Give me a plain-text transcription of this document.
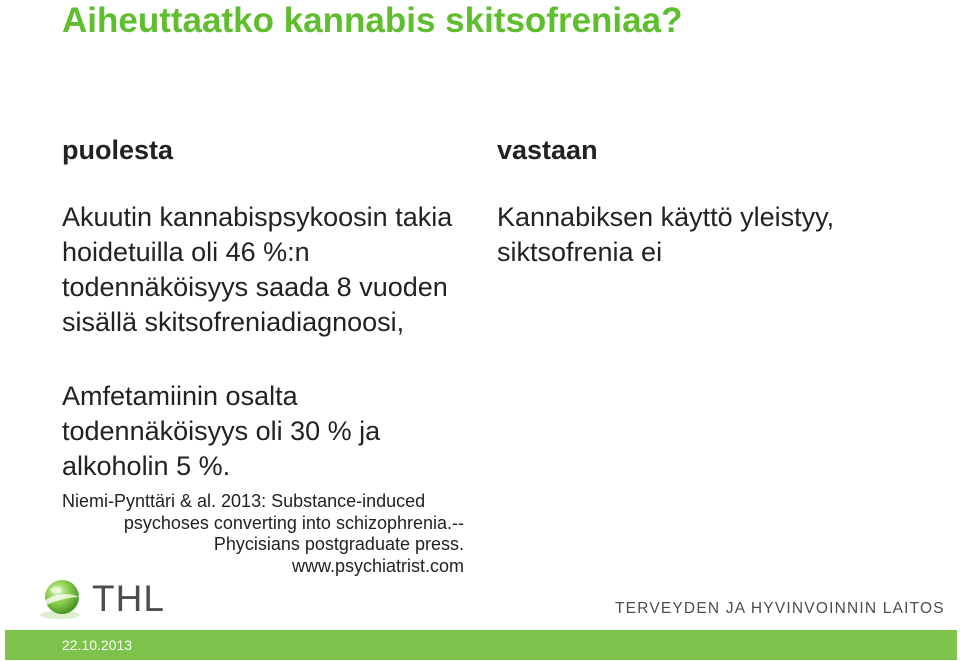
Aiheuttaatko kannabis skitsofreniaa?
puolesta	vastaan
Akuutin kannabispsykoosin takia hoidetuilla oli 46 %:n todennäköisyys saada 8 vuoden sisällä skitsofreniadiagnoosi,
Amfetamiinin osalta todennäköisyys oli 30 % ja alkoholin 5 %.
Kannabiksen käyttö yleistyy, siktsofrenia ei
Niemi-Pynttäri & al. 2013: Substance-induced
psychoses converting into schizophrenia.--
Phycisians postgraduate press.
www.psychiatrist.com
THL	TERVEYDEN JA HYVINVOINNIN LAITOS
22.10.2013
